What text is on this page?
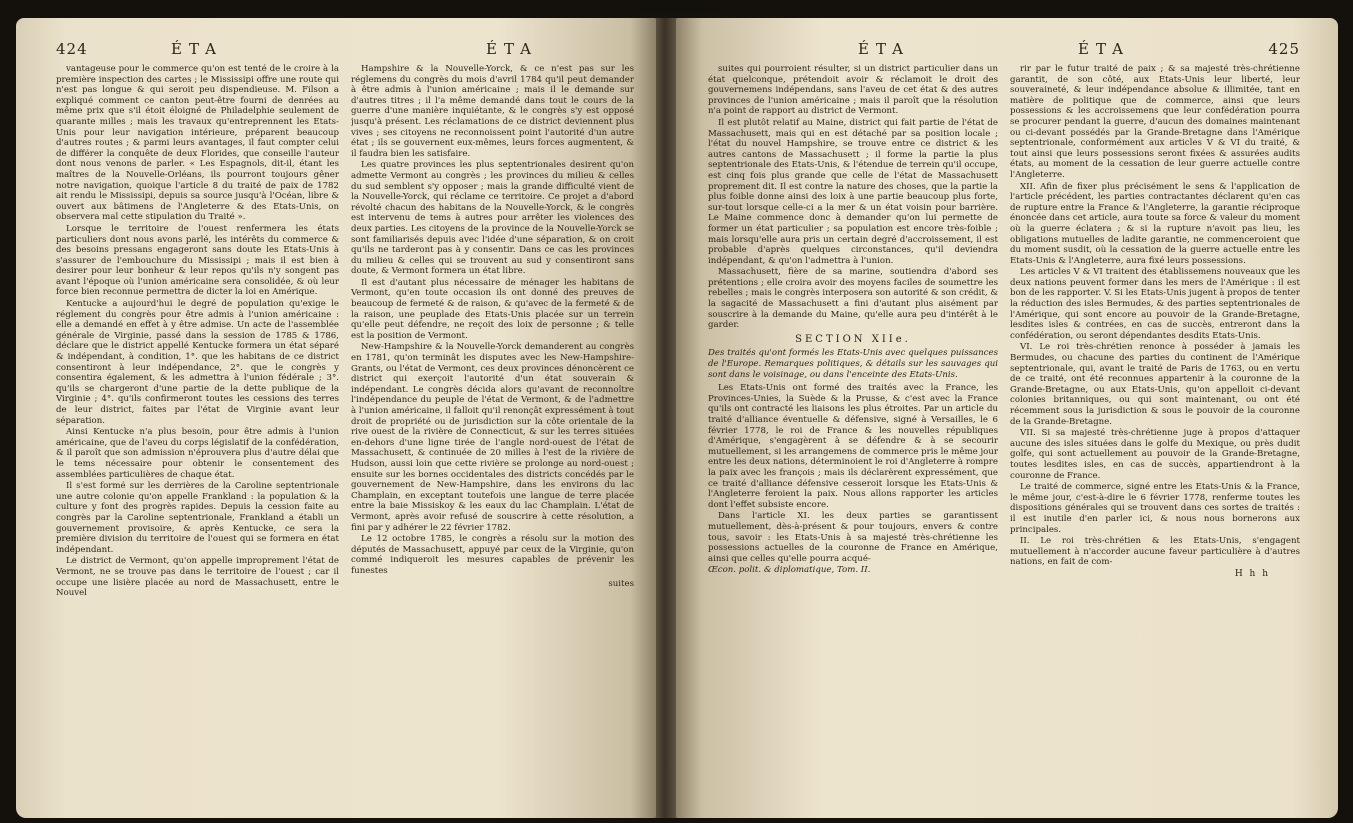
424	ÉTA	ÉTA

vantageuse pour le commerce qu'on est tenté de le croire à la première inspection des cartes ; le Mississipi offre une route qui n'est pas longue & qui seroit peu dispendieuse. M. Filson a expliqué comment ce canton peut-être fourni de denrées au même prix que s'il étoit éloigné de Philadelphie seulement de quarante milles ; mais les travaux qu'entreprennent les Etats-Unis pour leur navigation intérieure, préparent beaucoup d'autres routes ; & parmi leurs avantages, il faut compter celui de différer la conquête de deux Florides, que conseille l'auteur dont nous venons de parler. « Les Espagnols, dit-il, étant les maîtres de la Nouvelle-Orléans, ils pourront toujours gêner notre navigation, quoique l'article 8 du traité de paix de 1782 ait rendu le Mississipi, depuis sa source jusqu'à l'Océan, libre & ouvert aux bâtimens de l'Angleterre & des Etats-Unis, on observera mal cette stipulation du Traité ».

Lorsque le territoire de l'ouest renfermera les états particuliers dont nous avons parlé, les intérêts du commerce & des besoins pressans engageront sans doute les Etats-Unis à s'assurer de l'embouchure du Mississipi ; mais il est bien à desirer pour leur bonheur & leur repos qu'ils n'y songent pas avant l'époque où l'union américaine sera consolidée, & où leur force bien reconnue permettra de dicter la loi en Amérique.

Kentucke a aujourd'hui le degré de population qu'exige le réglement du congrès pour être admis à l'union américaine : elle a demandé en effet à y être admise. Un acte de l'assemblée générale de Virginie, passé dans la session de 1785 & 1786, déclare que le district appellé Kentucke formera un état séparé & indépendant, à condition, 1°. que les habitans de ce district consentiront à leur indépendance, 2°. que le congrès y consentira également, & les admettra à l'union fédérale ; 3°. qu'ils se chargeront d'une partie de la dette publique de la Virginie ; 4°. qu'ils confirmeront toutes les cessions des terres de leur district, faites par l'état de Virginie avant leur séparation.

Ainsi Kentucke n'a plus besoin, pour être admis à l'union américaine, que de l'aveu du corps législatif de la confédération, & il paroît que son admission n'éprouvera plus d'autre délai que le tems nécessaire pour obtenir le consentement des assemblées particulières de chaque état.

Il s'est formé sur les derrières de la Caroline septentrionale une autre colonie qu'on appelle Frankland : la population & la culture y font des progrès rapides. Depuis la cession faite au congrès par la Caroline septentrionale, Frankland a établi un gouvernement provisoire, & après Kentucke, ce sera la première division du territoire de l'ouest qui se formera en état indépendant.

Le district de Vermont, qu'on appelle improprement l'état de Vermont, ne se trouve pas dans le territoire de l'ouest ; car il occupe une lisière placée au nord de Massachusett, entre le Nouvel

Hampshire & la Nouvelle-Yorck, & ce n'est pas sur les réglemens du congrès du mois d'avril 1784 qu'il peut demander à être admis à l'union américaine ; mais il le demande sur d'autres titres ; il l'a même demandé dans tout le cours de la guerre d'une manière inquiétante, & le congrès s'y est opposé jusqu'à présent. Les réclamations de ce district deviennent plus vives ; ses citoyens ne reconnoissent point l'autorité d'un autre état ; ils se gouvernent eux-mêmes, leurs forces augmentent, & il faudra bien les satisfaire.

Les quatre provinces les plus septentrionales desirent qu'on admette Vermont au congrès ; les provinces du milieu & celles du sud semblent s'y opposer ; mais la grande difficulté vient de la Nouvelle-Yorck, qui réclame ce territoire. Ce projet a d'abord révolté chacun des habitans de la Nouvelle-Yorck, & le congrès est intervenu de tems à autres pour arrêter les violences des deux parties. Les citoyens de la province de la Nouvelle-Yorck se sont familiarisés depuis avec l'idée d'une séparation, & on croit qu'ils ne tarderont pas à y consentir. Dans ce cas les provinces du milieu & celles qui se trouvent au sud y consentiront sans doute, & Vermont formera un état libre.

Il est d'autant plus nécessaire de ménager les habitans de Vermont, qu'en toute occasion ils ont donné des preuves de beaucoup de fermeté & de raison, & qu'avec de la fermeté & de la raison, une peuplade des Etats-Unis placée sur un terrein qu'elle peut défendre, ne reçoit des loix de personne ; & telle est la position de Vermont.

New-Hampshire & la Nouvelle-Yorck demanderent au congrès en 1781, qu'on terminât les disputes avec les New-Hampshire-Grants, ou l'état de Vermont, ces deux provinces dénoncèrent ce district qui exerçoit l'autorité d'un état souverain & indépendant. Le congrès décida alors qu'avant de reconnoître l'indépendance du peuple de l'état de Vermont, & de l'admettre à l'union américaine, il falloit qu'il renonçât expressément à tout droit de propriété ou de jurisdiction sur la côte orientale de la rive ouest de la rivière de Connecticut, & sur les terres situées en-dehors d'une ligne tirée de l'angle nord-ouest de l'état de Massachusett, & continuée de 20 milles à l'est de la rivière de Hudson, aussi loin que cette rivière se prolonge au nord-ouest ; ensuite sur les bornes occidentales des districts concédés par le gouvernement de New-Hampshire, dans les environs du lac Champlain, en exceptant toutefois une langue de terre placée entre la baie Missiskoy & les eaux du lac Champlain. L'état de Vermont, après avoir refusé de souscrire à cette résolution, a fini par y adhérer le 22 février 1782.

Le 12 octobre 1785, le congrès a résolu sur la motion des députés de Massachusett, appuyé par ceux de la Virginie, qu'on commé indiqueroit les mesures capables de prévenir les funestes

suites
ÉTA	ÉTA	425

suites qui pourroient résulter, si un district particulier dans un état quelconque, prétendoit avoir & réclamoit le droit des gouvernemens indépendans, sans l'aveu de cet état & des autres provinces de l'union américaine ; mais il paroît que la résolution n'a point de rapport au district de Vermont.

Il est plutôt relatif au Maine, district qui fait partie de l'état de Massachusett, mais qui en est détaché par sa position locale ; l'état du nouvel Hampshire, se trouve entre ce district & les autres cantons de Massachusett ; il forme la partie la plus septentrionale des Etats-Unis, & l'étendue de terrein qu'il occupe, est cinq fois plus grande que celle de l'état de Massachusett proprement dit. Il est contre la nature des choses, que la partie la plus foible donne ainsi des loix à une partie beaucoup plus forte, sur-tout lorsque celle-ci a la mer & un état voisin pour barrière. Le Maine commence donc à demander qu'on lui permette de former un état particulier ; sa population est encore très-foible ; mais lorsqu'elle aura pris un certain degré d'accroissement, il est probable d'après quelques circonstances, qu'il deviendra indépendant, & qu'on l'admettra à l'union.

Massachusett, fière de sa marine, soutiendra d'abord ses prétentions ; elle croira avoir des moyens faciles de soumettre les rebelles ; mais le congrès interposera son autorité & son crédit, & la sagacité de Massachusett a fini d'autant plus aisément par souscrire à la demande du Maine, qu'elle aura peu d'intérêt à le garder.

SECTION XIIe.

Des traités qu'ont formés les Etats-Unis avec quelques puissances de l'Europe. Remarques politiques, & détails sur les sauvages qui sont dans le voisinage, ou dans l'enceinte des Etats-Unis.

Les Etats-Unis ont formé des traités avec la France, les Provinces-Unies, la Suède & la Prusse, & c'est avec la France qu'ils ont contracté les liaisons les plus étroites. Par un article du traité d'alliance éventuelle & défensive, signé à Versailles, le 6 février 1778, le roi de France & les nouvelles républiques d'Amérique, s'engagèrent à se défendre & à se secourir mutuellement, si les arrangemens de commerce pris le même jour entre les deux nations, déterminoient le roi d'Angleterre à rompre la paix avec les françois ; mais ils déclarèrent expressément, que ce traité d'alliance défensive cesseroit lorsque les Etats-Unis & l'Angleterre feroient la paix. Nous allons rapporter les articles dont l'effet subsiste encore.

Dans l'article XI. les deux parties se garantissent mutuellement, dès-à-présent & pour toujours, envers & contre tous, savoir : les Etats-Unis à sa majesté très-chrétienne les possessions actuelles de la couronne de France en Amérique, ainsi que celles qu'elle pourra acqué-

Œcon. polit. & diplomatique, Tom. II.

rir par le futur traité de paix ; & sa majesté très-chrétienne garantit, de son côté, aux Etats-Unis leur liberté, leur souveraineté, & leur indépendance absolue & illimitée, tant en matière de politique que de commerce, ainsi que leurs possessions & les accroissemens que leur confédération pourra se procurer pendant la guerre, d'aucun des domaines maintenant ou ci-devant possédés par la Grande-Bretagne dans l'Amérique septentrionale, conformément aux articles V & VI du traité, & tout ainsi que leurs possessions seront fixées & assurées audits états, au moment de la cessation de leur guerre actuelle contre l'Angleterre.

XII. Afin de fixer plus précisément le sens & l'application de l'article précédent, les parties contractantes déclarent qu'en cas de rupture entre la France & l'Angleterre, la garantie réciproque énoncée dans cet article, aura toute sa force & valeur du moment où la guerre éclatera ; & si la rupture n'avoit pas lieu, les obligations mutuelles de ladite garantie, ne commenceroient que du moment susdit, où la cessation de la guerre actuelle entre les Etats-Unis & l'Angleterre, aura fixé leurs possessions.

Les articles V & VI traitent des établissemens nouveaux que les deux nations peuvent former dans les mers de l'Amérique : il est bon de les rapporter. V. Si les Etats-Unis jugent à propos de tenter la réduction des isles Bermudes, & des parties septentrionales de l'Amérique, qui sont encore au pouvoir de la Grande-Bretagne, lesdites isles & contrées, en cas de succès, entreront dans la confédération, ou seront dépendantes desdits Etats-Unis.

VI. Le roi très-chrétien renonce à posséder à jamais les Bermudes, ou chacune des parties du continent de l'Amérique septentrionale, qui, avant le traité de Paris de 1763, ou en vertu de ce traité, ont été reconnues appartenir à la couronne de la Grande-Bretagne, ou aux Etats-Unis, qu'on appelloit ci-devant colonies britanniques, ou qui sont maintenant, ou ont été récemment sous la jurisdiction & sous le pouvoir de la couronne de la Grande-Bretagne.

VII. Si sa majesté très-chrétienne juge à propos d'attaquer aucune des isles situées dans le golfe du Mexique, ou près dudit golfe, qui sont actuellement au pouvoir de la Grande-Bretagne, toutes lesdites isles, en cas de succès, appartiendront à la couronne de France.

Le traité de commerce, signé entre les Etats-Unis & la France, le même jour, c'est-à-dire le 6 février 1778, renferme toutes les dispositions générales qui se trouvent dans ces sortes de traités : il est inutile d'en parler ici, & nous nous bornerons aux principales.

II. Le roi très-chrétien & les Etats-Unis, s'engagent mutuellement à n'accorder aucune faveur particulière à d'autres nations, en fait de com-

H h h
